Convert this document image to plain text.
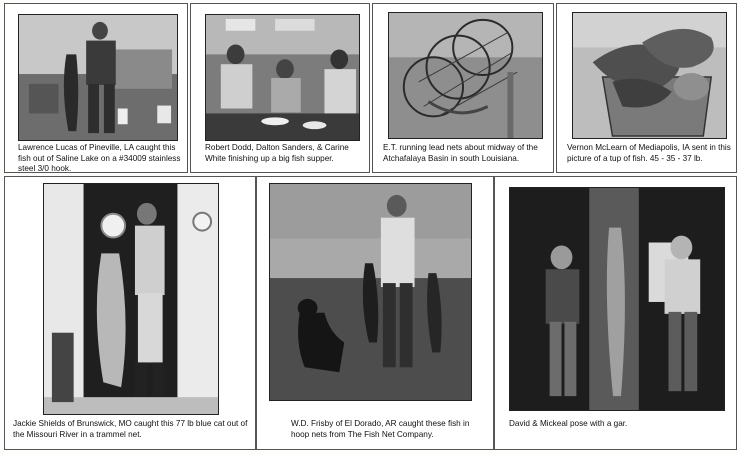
Lawrence Lucas of Pineville, LA caught this fish out of Saline Lake on a #34009 stainless steel 3/0 hook.
Robert Dodd, Dalton Sanders, & Carine White finishing up a big fish supper.
E.T. running lead nets about midway of the Atchafalaya Basin in south Louisiana.
Vernon McLearn of Mediapolis, IA sent in this picture of a tup of fish. 45 - 35 - 37 lb.
Jackie Shields of Brunswick, MO caught this 77 lb blue cat out of the Missouri River in a trammel net.
W.D. Frisby of El Dorado, AR caught these fish in hoop nets from The Fish Net Company.
David & Mickeal pose with a gar.
